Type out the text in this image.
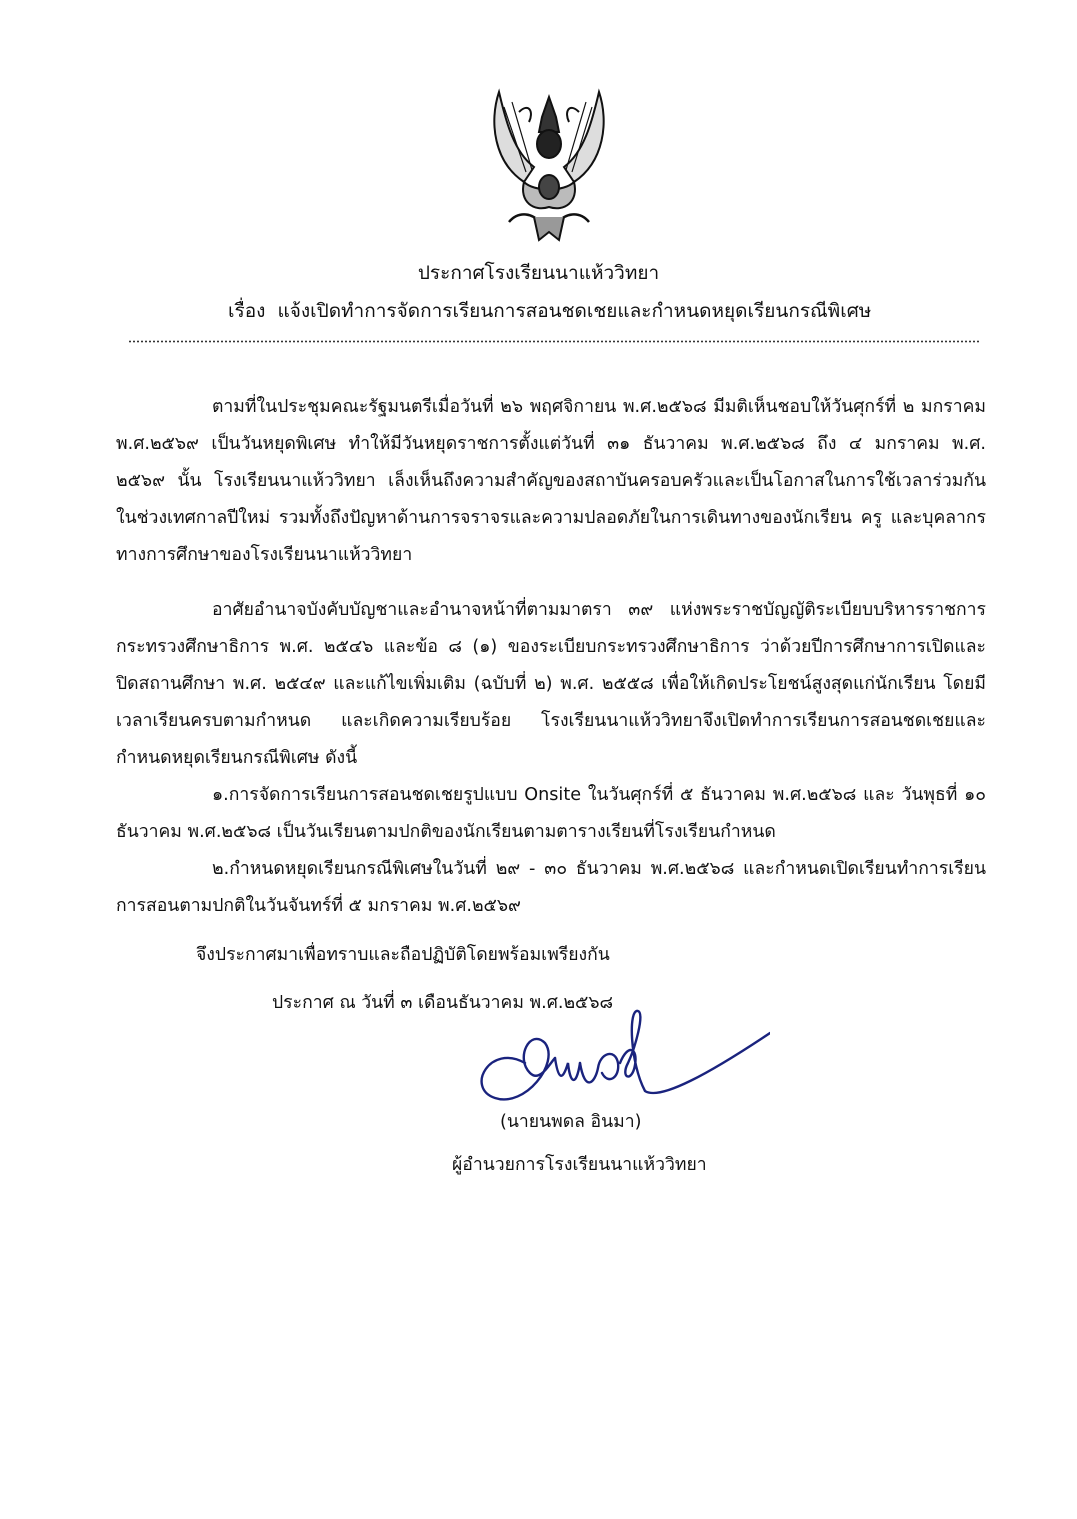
ประกาศโรงเรียนนาแห้ววิทยา
เรื่อง แจ้งเปิดทำการจัดการเรียนการสอนชดเชยและกำหนดหยุดเรียนกรณีพิเศษ
ตามที่ในประชุมคณะรัฐมนตรีเมื่อวันที่ ๒๖ พฤศจิกายน พ.ศ.๒๕๖๘ มีมติเห็นชอบให้วันศุกร์ที่ ๒ มกราคม
พ.ศ.๒๕๖๙ เป็นวันหยุดพิเศษ ทำให้มีวันหยุดราชการตั้งแต่วันที่ ๓๑ ธันวาคม พ.ศ.๒๕๖๘ ถึง ๔ มกราคม พ.ศ.
๒๕๖๙ นั้น โรงเรียนนาแห้ววิทยา เล็งเห็นถึงความสำคัญของสถาบันครอบครัวและเป็นโอกาสในการใช้เวลาร่วมกัน
ในช่วงเทศกาลปีใหม่ รวมทั้งถึงปัญหาด้านการจราจรและความปลอดภัยในการเดินทางของนักเรียน ครู และบุคลากร
ทางการศึกษาของโรงเรียนนาแห้ววิทยา
อาศัยอำนาจบังคับบัญชาและอำนาจหน้าที่ตามมาตรา ๓๙ แห่งพระราชบัญญัติระเบียบบริหารราชการ
กระทรวงศึกษาธิการ พ.ศ. ๒๕๔๖ และข้อ ๘ (๑) ของระเบียบกระทรวงศึกษาธิการ ว่าด้วยปีการศึกษาการเปิดและ
ปิดสถานศึกษา พ.ศ. ๒๕๔๙ และแก้ไขเพิ่มเติม (ฉบับที่ ๒) พ.ศ. ๒๕๕๘ เพื่อให้เกิดประโยชน์สูงสุดแก่นักเรียน โดยมี
เวลาเรียนครบตามกำหนด และเกิดความเรียบร้อย โรงเรียนนาแห้ววิทยาจึงเปิดทำการเรียนการสอนชดเชยและ
กำหนดหยุดเรียนกรณีพิเศษ ดังนี้
๑.การจัดการเรียนการสอนชดเชยรูปแบบ Onsite ในวันศุกร์ที่ ๕ ธันวาคม พ.ศ.๒๕๖๘ และ วันพุธที่ ๑๐
ธันวาคม พ.ศ.๒๕๖๘ เป็นวันเรียนตามปกติของนักเรียนตามตารางเรียนที่โรงเรียนกำหนด
๒.กำหนดหยุดเรียนกรณีพิเศษในวันที่ ๒๙ - ๓๐ ธันวาคม พ.ศ.๒๕๖๘ และกำหนดเปิดเรียนทำการเรียน
การสอนตามปกติในวันจันทร์ที่ ๕ มกราคม พ.ศ.๒๕๖๙
จึงประกาศมาเพื่อทราบและถือปฏิบัติโดยพร้อมเพรียงกัน
ประกาศ ณ วันที่ ๓ เดือนธันวาคม พ.ศ.๒๕๖๘
(นายนพดล อินมา)
ผู้อำนวยการโรงเรียนนาแห้ววิทยา
